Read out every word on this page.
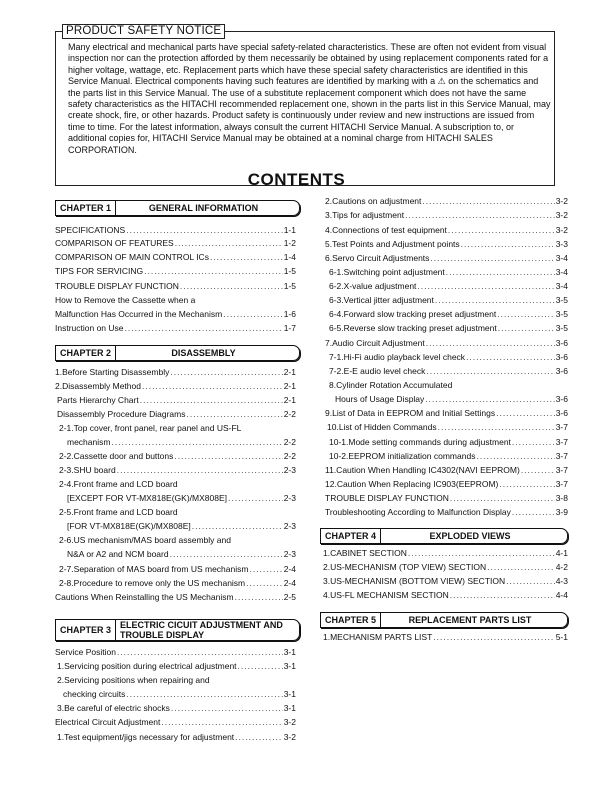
PRODUCT SAFETY NOTICE

Many electrical and mechanical parts have special safety-related characteristics. These are often not evident from visual inspection nor can the protection afforded by them necessarily be obtained by using replacement components rated for a higher voltage, wattage, etc. Replacement parts which have these special safety characteristics are identified in this Service Manual. Electrical components having such features are identified by marking with a ⚠ on the schematics and the parts list in this Service Manual. The use of a substitute replacement component which does not have the same safety characteristics as the HITACHI recommended replacement one, shown in the parts list in this Service Manual, may create shock, fire, or other hazards. Product safety is continuously under review and new instructions are issued from time to time. For the latest information, always consult the current HITACHI Service Manual. A subscription to, or additional copies for, HITACHI Service Manual may be obtained at a nominal charge from HITACHI SALES CORPORATION.

CONTENTS
CHAPTER 1	GENERAL INFORMATION
CHAPTER 2	DISASSEMBLY
CHAPTER 3 ELECTRIC CICUIT ADJUSTMENT AND TROUBLE DISPLAY
CHAPTER 4	EXPLODED VIEWS
CHAPTER 5	REPLACEMENT PARTS LIST
SPECIFICATIONS .....	1-1
COMPARISON OF FEATURES .....	1-2
COMPARISON OF MAIN CONTROL ICs .....	1-4
TIPS FOR SERVICING .....	1-5
TROUBLE DISPLAY FUNCTION .....	1-5
How to Remove the Cassette when a
Malfunction Has Occurred in the Mechanism .....	1-6
Instruction on Use .....	1-7
1.Before Starting Disassembly .....	2-1
2.Disassembly Method .....	2-1
Parts Hierarchy Chart .....	2-1
Disassembly Procedure Diagrams .....	2-2
2-1.Top cover, front panel, rear panel and US-FL
mechanism .....	2-2
2-2.Cassette door and buttons .....	2-2
2-3.SHU board .....	2-3
2-4.Front frame and LCD board
[EXCEPT FOR VT-MX818E(GK)/MX808E] .....	2-3
2-5.Front frame and LCD board
[FOR VT-MX818E(GK)/MX808E] .....	2-3
2-6.US mechanism/MAS board assembly and
N&A or A2 and NCM board .....	2-3
2-7.Separation of MAS board from US mechanism .....	2-4
2-8.Procedure to remove only the US mechanism .....	2-4
Cautions When Reinstalling the US Mechanism .....	2-5
Service Position .....	3-1
1.Servicing position during electrical adjustment .....	3-1
2.Servicing positions when repairing and
checking circuits .....	3-1
3.Be careful of electric shocks .....	3-1
Electrical Circuit Adjustment .....	3-2
1.Test equipment/jigs necessary for adjustment .....	3-2
2.Cautions on adjustment .....	3-2
3.Tips for adjustment .....	3-2
4.Connections of test equipment .....	3-2
5.Test Points and Adjustment points .....	3-3
6.Servo Circuit Adjustments .....	3-4
6-1.Switching point adjustment .....	3-4
6-2.X-value adjustment .....	3-4
6-3.Vertical jitter adjustment .....	3-5
6-4.Forward slow tracking preset adjustment .....	3-5
6-5.Reverse slow tracking preset adjustment .....	3-5
7.Audio Circuit Adjustment .....	3-6
7-1.Hi-Fi audio playback level check .....	3-6
7-2.E-E audio level check .....	3-6
8.Cylinder Rotation Accumulated
Hours of Usage Display .....	3-6
9.List of Data in EEPROM and Initial Settings .....	3-6
10.List of Hidden Commands .....	3-7
10-1.Mode setting commands during adjustment .....	3-7
10-2.EEPROM initialization commands .....	3-7
11.Caution When Handling IC4302(NAVI EEPROM) .....	3-7
12.Caution When Replacing IC903(EEPROM) .....	3-7
TROUBLE DISPLAY FUNCTION .....	3-8
Troubleshooting According to Malfunction Display .....	3-9
1.CABINET SECTION .....	4-1
2.US-MECHANISM (TOP VIEW) SECTION .....	4-2
3.US-MECHANISM (BOTTOM VIEW) SECTION .....	4-3
4.US-FL MECHANISM SECTION .....	4-4
1.MECHANISM PARTS LIST .....	5-1
